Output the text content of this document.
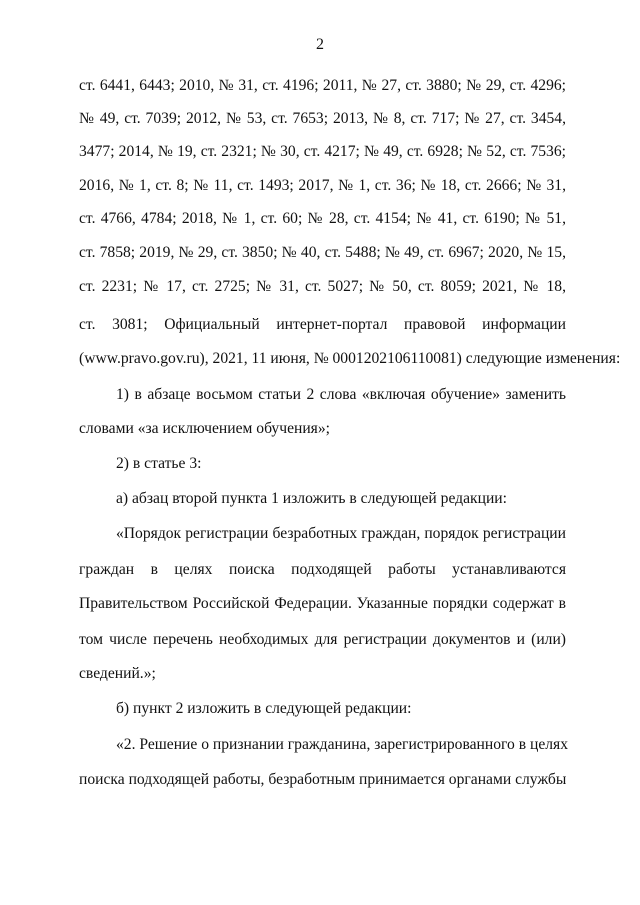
2
ст. 6441, 6443; 2010, № 31, ст. 4196; 2011, № 27, ст. 3880; № 29, ст. 4296;
№ 49, ст. 7039; 2012, № 53, ст. 7653; 2013, № 8, ст. 717; № 27, ст. 3454,
3477; 2014, № 19, ст. 2321; № 30, ст. 4217; № 49, ст. 6928; № 52, ст. 7536;
2016, № 1, ст. 8; № 11, ст. 1493; 2017, № 1, ст. 36; № 18, ст. 2666; № 31,
ст. 4766, 4784; 2018, № 1, ст. 60; № 28, ст. 4154; № 41, ст. 6190; № 51,
ст. 7858; 2019, № 29, ст. 3850; № 40, ст. 5488; № 49, ст. 6967; 2020, № 15,
ст. 2231; № 17, ст. 2725; № 31, ст. 5027; № 50, ст. 8059; 2021, № 18,
ст. 3081; Официальный интернет-портал правовой информации
(www.pravo.gov.ru), 2021, 11 июня, № 0001202106110081) следующие изменения:
1) в абзаце восьмом статьи 2 слова «включая обучение» заменить
словами «за исключением обучения»;
2) в статье 3:
а) абзац второй пункта 1 изложить в следующей редакции:
«Порядок регистрации безработных граждан, порядок регистрации
граждан в целях поиска подходящей работы устанавливаются
Правительством Российской Федерации. Указанные порядки содержат в
том числе перечень необходимых для регистрации документов и (или)
сведений.»;
б) пункт 2 изложить в следующей редакции:
«2. Решение о признании гражданина, зарегистрированного в целях
поиска подходящей работы, безработным принимается органами службы
